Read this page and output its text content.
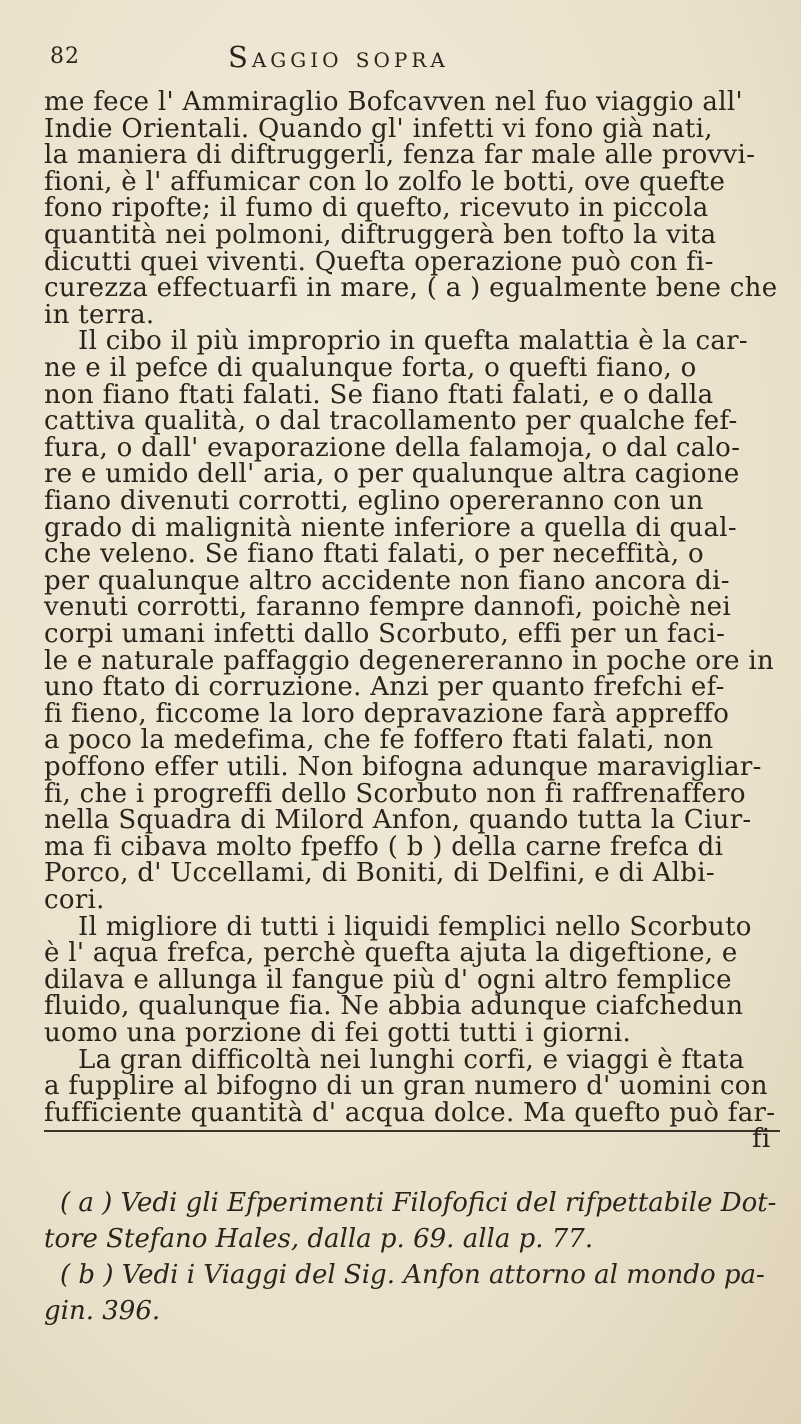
82	Saggio sopra
me fece l' Ammiraglio Bofcavven nel fuo viaggio all'
Indie Orientali. Quando gl' infetti vi fono già nati,
la maniera di diftruggerli, fenza far male alle provvi-
fioni, è l' affumicar con lo zolfo le botti, ove quefte
fono ripofte; il fumo di quefto, ricevuto in piccola
quantità nei polmoni, diftruggerà ben tofto la vita
dicutti quei viventi. Quefta operazione può con fi-
curezza effectuarfi in mare, ( a ) egualmente bene che
in terra.
Il cibo il più improprio in quefta malattia è la car-
ne e il pefce di qualunque forta, o quefti fiano, o
non fiano ftati falati. Se fiano ftati falati, e o dalla
cattiva qualità, o dal tracollamento per qualche fef-
fura, o dall' evaporazione della falamoja, o dal calo-
re e umido dell' aria, o per qualunque altra cagione
fiano divenuti corrotti, eglino opereranno con un
grado di malignità niente inferiore a quella di qual-
che veleno. Se fiano ftati falati, o per neceffità, o
per qualunque altro accidente non fiano ancora di-
venuti corrotti, faranno fempre dannofi, poichè nei
corpi umani infetti dallo Scorbuto, effi per un faci-
le e naturale paffaggio degenereranno in poche ore in
uno ftato di corruzione. Anzi per quanto frefchi ef-
fi fieno, ficcome la loro depravazione farà appreffo
a poco la medefima, che fe foffero ftati falati, non
poffono effer utili. Non bifogna adunque maravigliar-
fi, che i progreffi dello Scorbuto non fi raffrenaffero
nella Squadra di Milord Anfon, quando tutta la Ciur-
ma fi cibava molto fpeffo ( b ) della carne frefca di
Porco, d' Uccellami, di Boniti, di Delfini, e di Albi-
cori.
Il migliore di tutti i liquidi femplici nello Scorbuto
è l' aqua frefca, perchè quefta ajuta la digeftione, e
dilava e allunga il fangue più d' ogni altro femplice
fluido, qualunque fia. Ne abbia adunque ciafchedun
uomo una porzione di fei gotti tutti i giorni.
La gran difficoltà nei lunghi corfi, e viaggi è ftata
a fupplire al bifogno di un gran numero d' uomini con
fufficiente quantità d' acqua dolce. Ma quefto può far-
fi
( a ) Vedi gli Efperimenti Filofofici del rifpettabile Dot-
tore Stefano Hales, dalla p. 69. alla p. 77.
( b ) Vedi i Viaggi del Sig. Anfon attorno al mondo pa-
gin. 396.
